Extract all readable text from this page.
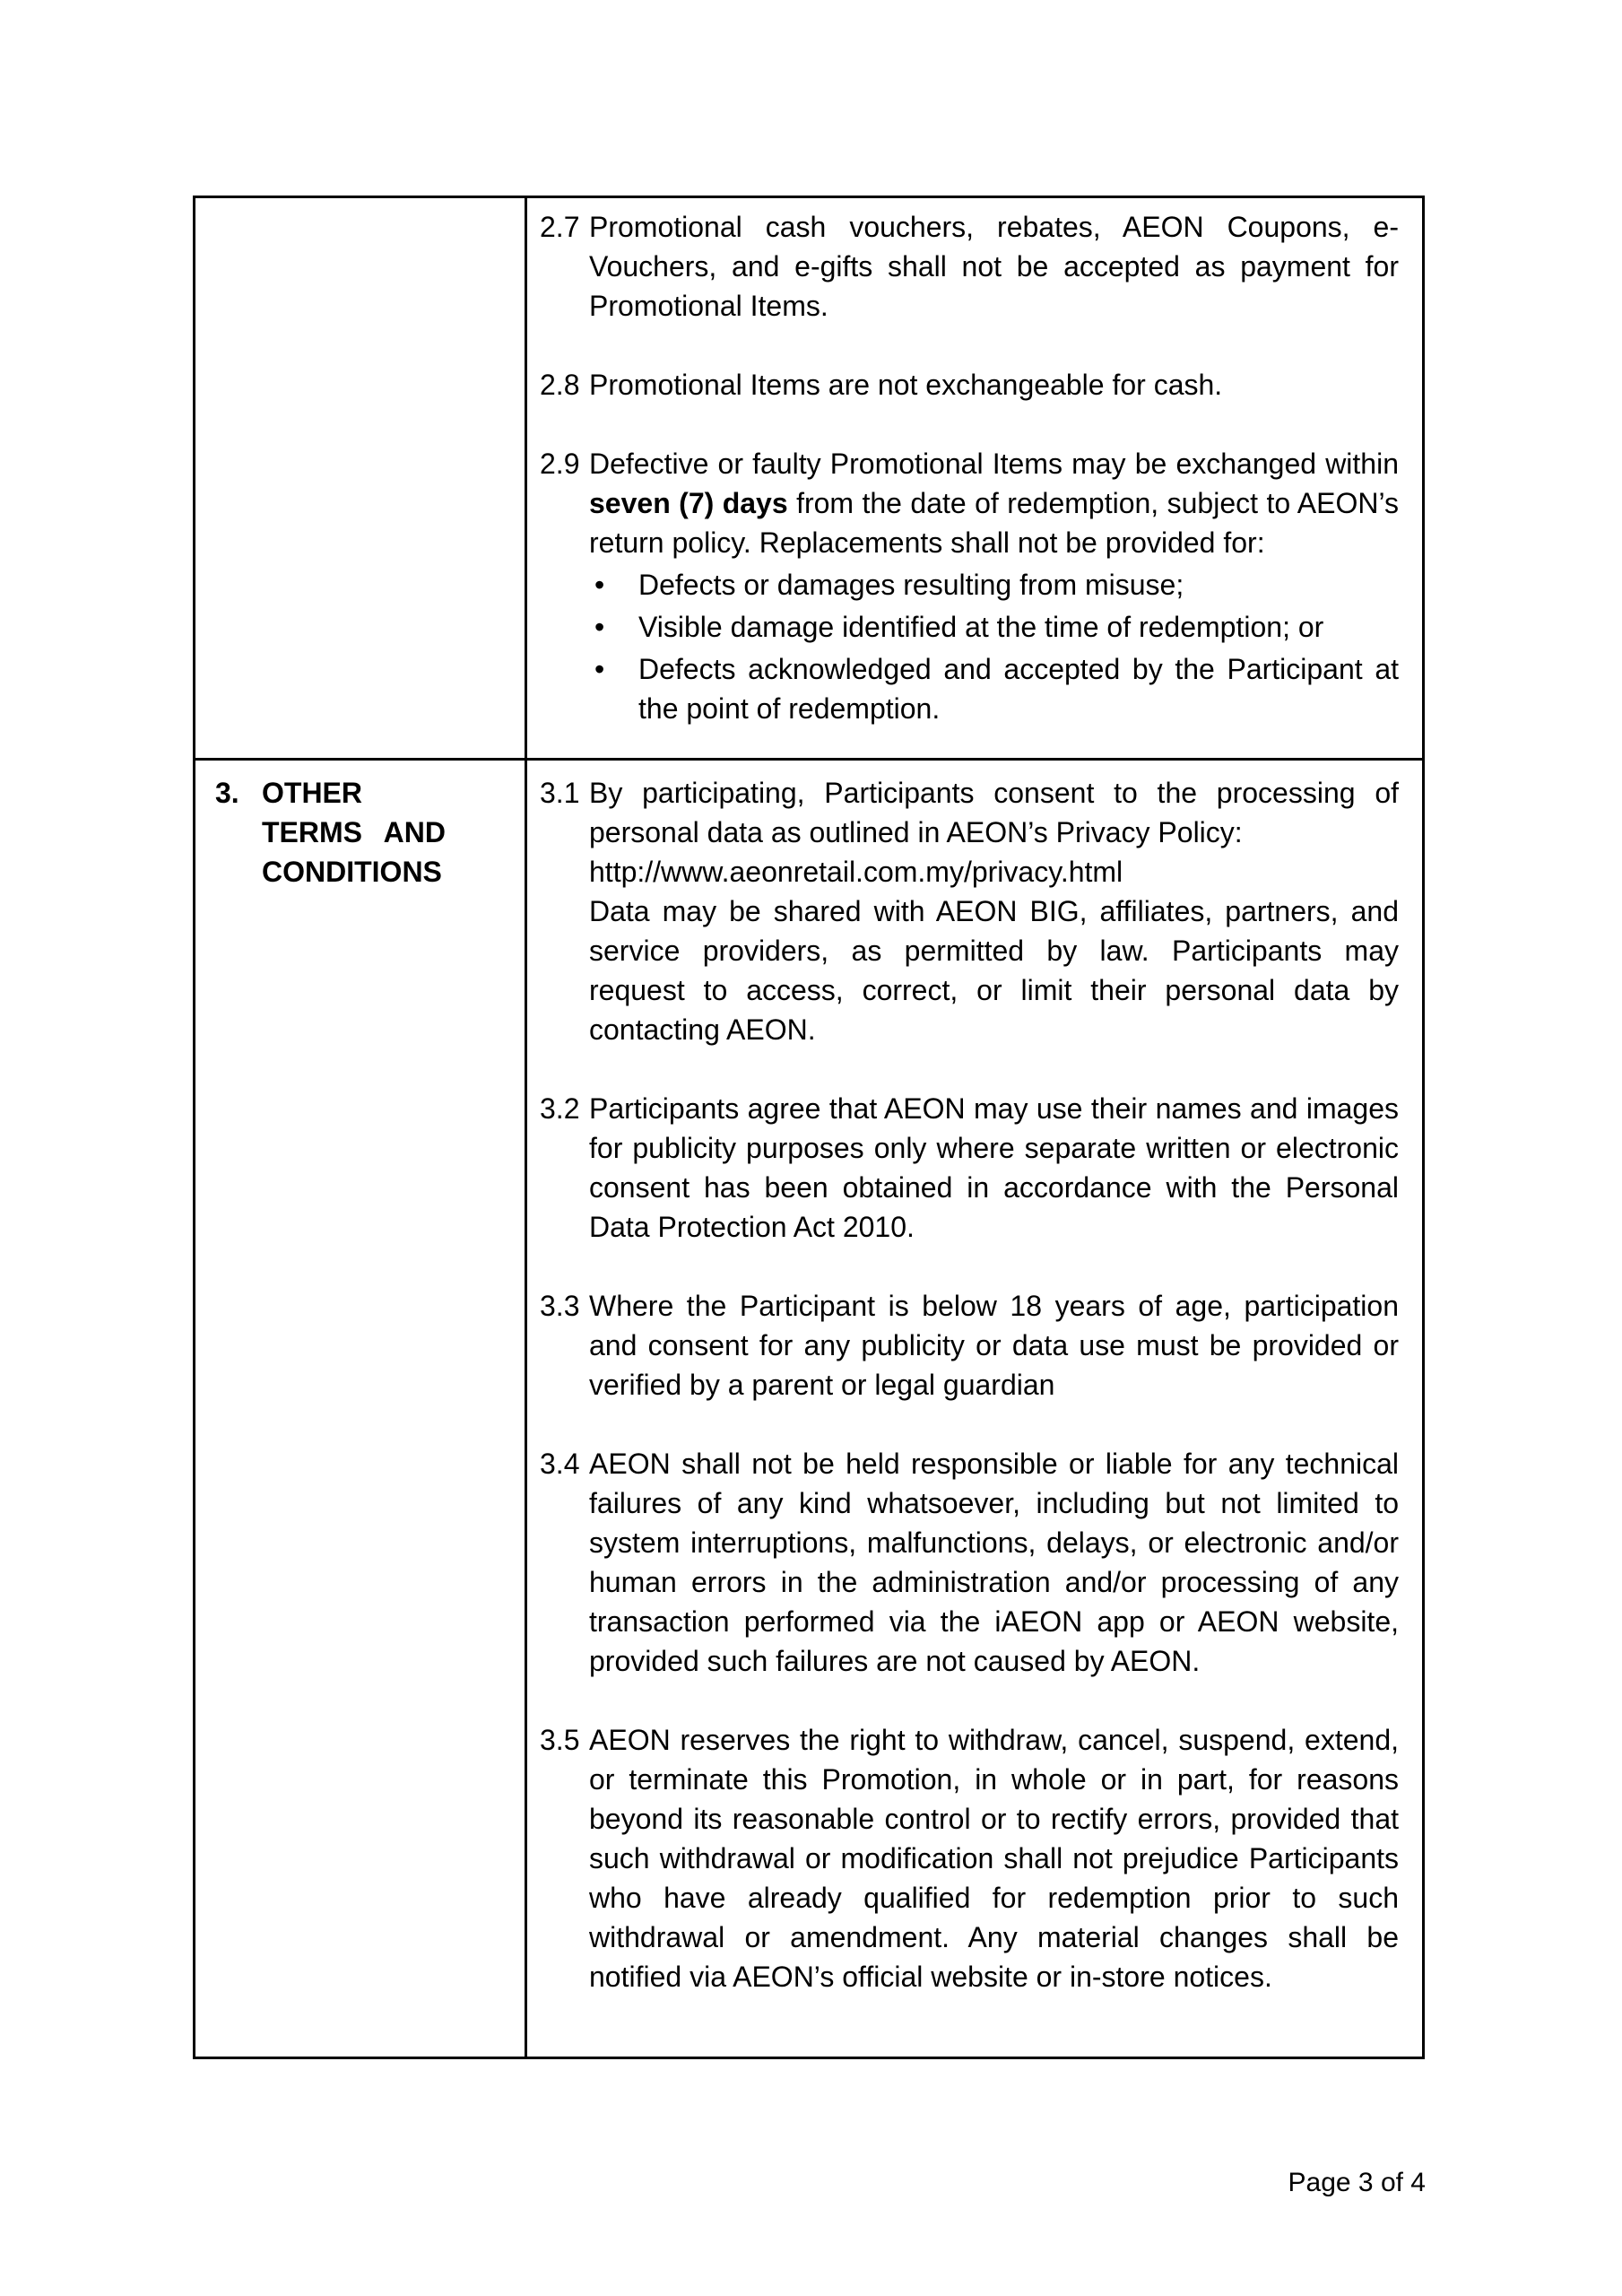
2.7 Promotional cash vouchers, rebates, AEON Coupons, e-Vouchers, and e-gifts shall not be accepted as payment for Promotional Items.
2.8 Promotional Items are not exchangeable for cash.
2.9 Defective or faulty Promotional Items may be exchanged within seven (7) days from the date of redemption, subject to AEON’s return policy. Replacements shall not be provided for:
• Defects or damages resulting from misuse;
• Visible damage identified at the time of redemption; or
• Defects acknowledged and accepted by the Participant at the point of redemption.
3. OTHER TERMS AND CONDITIONS
3.1 By participating, Participants consent to the processing of personal data as outlined in AEON’s Privacy Policy:
http://www.aeonretail.com.my/privacy.html
Data may be shared with AEON BIG, affiliates, partners, and service providers, as permitted by law. Participants may request to access, correct, or limit their personal data by contacting AEON.
3.2 Participants agree that AEON may use their names and images for publicity purposes only where separate written or electronic consent has been obtained in accordance with the Personal Data Protection Act 2010.
3.3 Where the Participant is below 18 years of age, participation and consent for any publicity or data use must be provided or verified by a parent or legal guardian
3.4 AEON shall not be held responsible or liable for any technical failures of any kind whatsoever, including but not limited to system interruptions, malfunctions, delays, or electronic and/or human errors in the administration and/or processing of any transaction performed via the iAEON app or AEON website, provided such failures are not caused by AEON.
3.5 AEON reserves the right to withdraw, cancel, suspend, extend, or terminate this Promotion, in whole or in part, for reasons beyond its reasonable control or to rectify errors, provided that such withdrawal or modification shall not prejudice Participants who have already qualified for redemption prior to such withdrawal or amendment. Any material changes shall be notified via AEON’s official website or in-store notices.
Page 3 of 4
